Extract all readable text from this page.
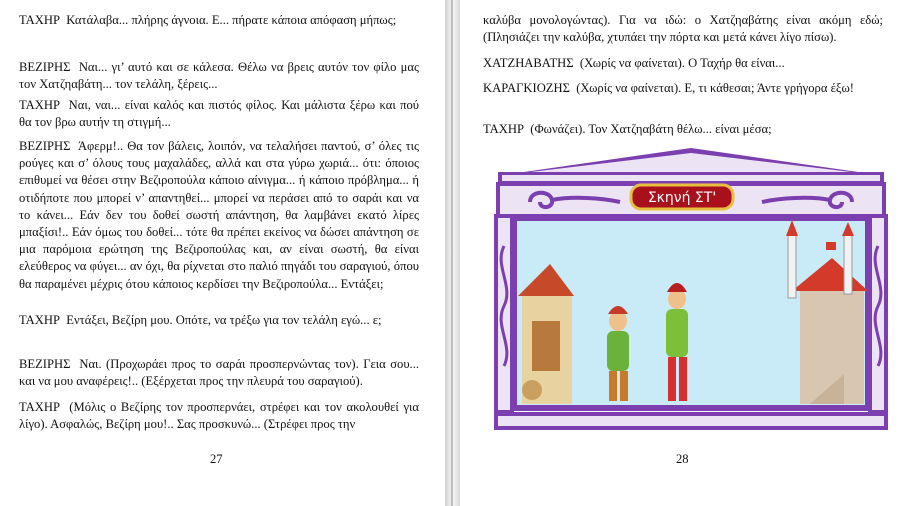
ΤΑΧΗΡ Κατάλαβα... πλήρης άγνοια. Ε... πήρατε κάποια απόφαση μήπως;

ΒΕΖΙΡΗΣ Ναι... γι’ αυτό και σε κάλεσα. Θέλω να βρεις αυτόν τον φίλο μας τον Χατζηαβάτη... τον τελάλη, ξέρεις...

ΤΑΧΗΡ Ναι, ναι... είναι καλός και πιστός φίλος. Και μάλιστα ξέρω και πού θα τον βρω αυτήν τη στιγμή...

ΒΕΖΙΡΗΣ Άφερμ!.. Θα τον βάλεις, λοιπόν, να τελαλήσει παντού, σ’ όλες τις ρούγες και σ’ όλους τους μαχαλάδες, αλλά και στα γύρω χωριά... ότι: όποιος επιθυμεί να θέσει στην Βεζιροπούλα κάποιο αίνιγμα... ή κάποιο πρόβλημα... ή οτιδήποτε που μπορεί ν’ απαντηθεί... μπορεί να περάσει από το σαράι και να το κάνει... Εάν δεν του δοθεί σωστή απάντηση, θα λαμβάνει εκατό λίρες μπαξίσι!.. Εάν όμως του δοθεί... τότε θα πρέπει εκείνος να δώσει απάντηση σε μια παρόμοια ερώτηση της Βεζιροπούλας και, αν είναι σωστή, θα είναι ελεύθερος να φύγει... αν όχι, θα ρίχνεται στο παλιό πηγάδι του σαραγιού, όπου θα παραμένει μέχρις ότου κάποιος κερδίσει την Βεζιροπούλα... Εντάξει;

ΤΑΧΗΡ Εντάξει, Βεζίρη μου. Οπότε, να τρέξω για τον τελάλη εγώ... ε;

ΒΕΖΙΡΗΣ Ναι. (Προχωράει προς το σαράι προσπερνώντας τον). Γεια σου... και να μου αναφέρεις!.. (Εξέρχεται προς την πλευρά του σαραγιού).

ΤΑΧΗΡ (Μόλις ο Βεζίρης τον προσπερνάει, στρέφει και τον ακολουθεί για λίγο). Ασφαλώς, Βεζίρη μου!.. Σας προσκυνώ... (Στρέφει προς την

27

καλύβα μονολογώντας). Για να ιδώ: ο Χατζηαβάτης είναι ακόμη εδώ; (Πλησιάζει την καλύβα, χτυπάει την πόρτα και μετά κάνει λίγο πίσω).

ΧΑΤΖΗΑΒΑΤΗΣ (Χωρίς να φαίνεται). Ο Ταχήρ θα είναι...

ΚΑΡΑΓΚΙΟΖΗΣ (Χωρίς να φαίνεται). Ε, τι κάθεσαι; Άντε γρήγορα έξω!

ΤΑΧΗΡ (Φωνάζει). Τον Χατζηαβάτη θέλω... είναι μέσα;

Σκηνή ΣΤ'
28
